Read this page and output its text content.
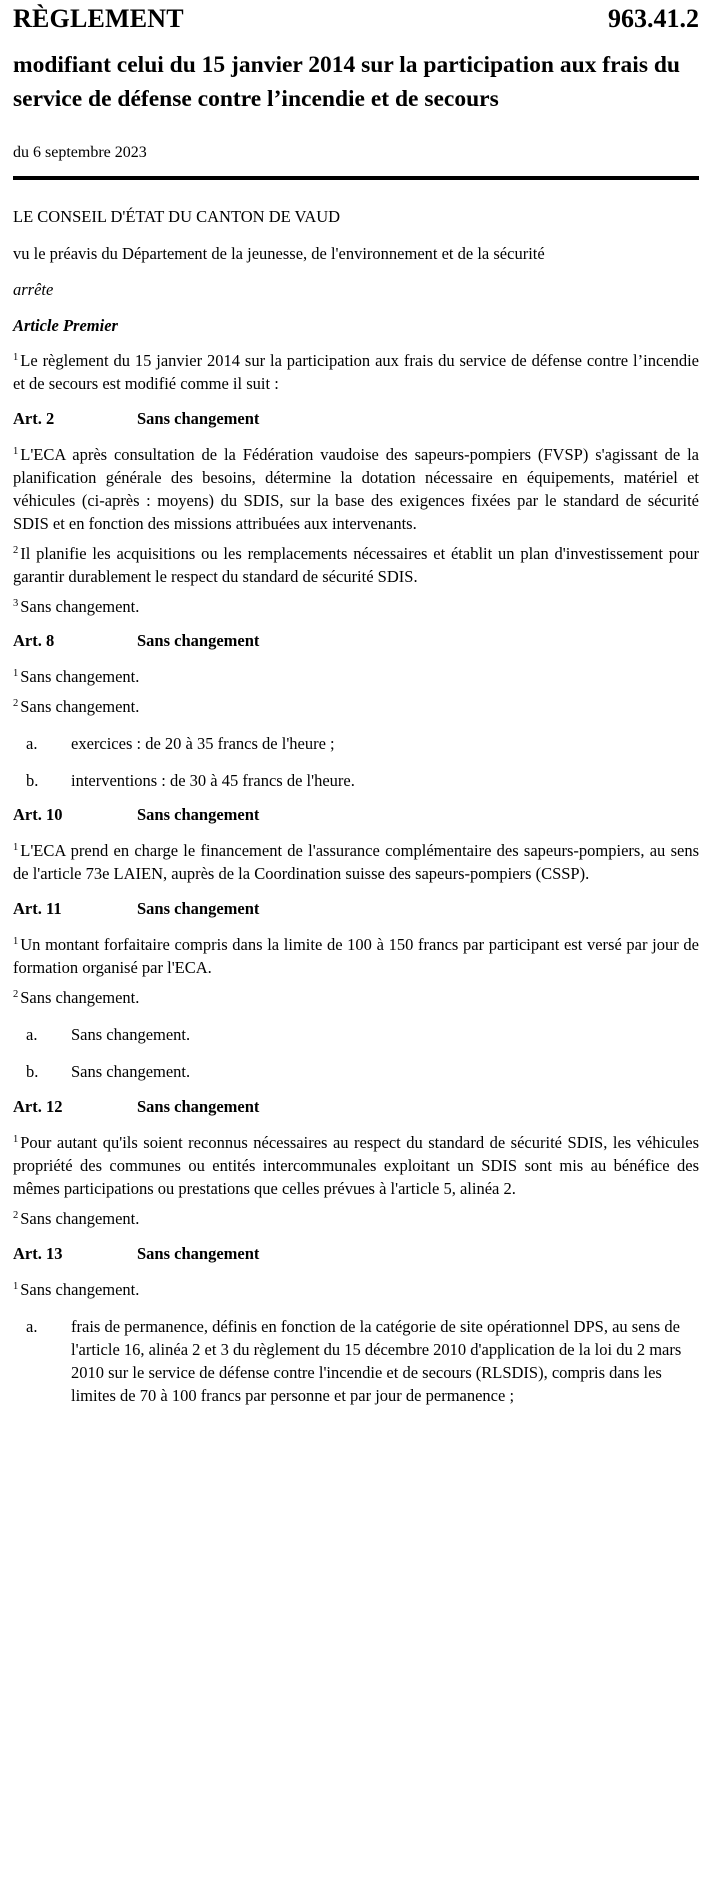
RÈGLEMENT	963.41.2
modifiant celui du 15 janvier 2014 sur la participation aux frais du service de défense contre l’incendie et de secours
du 6 septembre 2023
LE CONSEIL D'ÉTAT DU CANTON DE VAUD
vu le préavis du Département de la jeunesse, de l'environnement et de la sécurité
arrête
Article Premier
$^1$ Le règlement du 15 janvier 2014 sur la participation aux frais du service de défense contre l’incendie et de secours est modifié comme il suit :
Art. 2	Sans changement
$^1$ L'ECA après consultation de la Fédération vaudoise des sapeurs-pompiers (FVSP) s'agissant de la planification générale des besoins, détermine la dotation nécessaire en équipements, matériel et véhicules (ci-après : moyens) du SDIS, sur la base des exigences fixées par le standard de sécurité SDIS et en fonction des missions attribuées aux intervenants.
$^2$ Il planifie les acquisitions ou les remplacements nécessaires et établit un plan d'investissement pour garantir durablement le respect du standard de sécurité SDIS.
$^3$ Sans changement.
Art. 8	Sans changement
$^1$ Sans changement.
$^2$ Sans changement.
a.	exercices : de 20 à 35 francs de l'heure ;
b.	interventions : de 30 à 45 francs de l'heure.
Art. 10	Sans changement
$^1$ L'ECA prend en charge le financement de l'assurance complémentaire des sapeurs-pompiers, au sens de l'article 73e LAIEN, auprès de la Coordination suisse des sapeurs-pompiers (CSSP).
Art. 11	Sans changement
$^1$ Un montant forfaitaire compris dans la limite de 100 à 150 francs par participant est versé par jour de formation organisé par l'ECA.
$^2$ Sans changement.
a.	Sans changement.
b.	Sans changement.
Art. 12	Sans changement
$^1$ Pour autant qu'ils soient reconnus nécessaires au respect du standard de sécurité SDIS, les véhicules propriété des communes ou entités intercommunales exploitant un SDIS sont mis au bénéfice des mêmes participations ou prestations que celles prévues à l'article 5, alinéa 2.
$^2$ Sans changement.
Art. 13	Sans changement
$^1$ Sans changement.
a.	frais de permanence, définis en fonction de la catégorie de site opérationnel DPS, au sens de l'article 16, alinéa 2 et 3 du règlement du 15 décembre 2010 d'application de la loi du 2 mars 2010 sur le service de défense contre l'incendie et de secours (RLSDIS), compris dans les limites de 70 à 100 francs par personne et par jour de permanence ;
